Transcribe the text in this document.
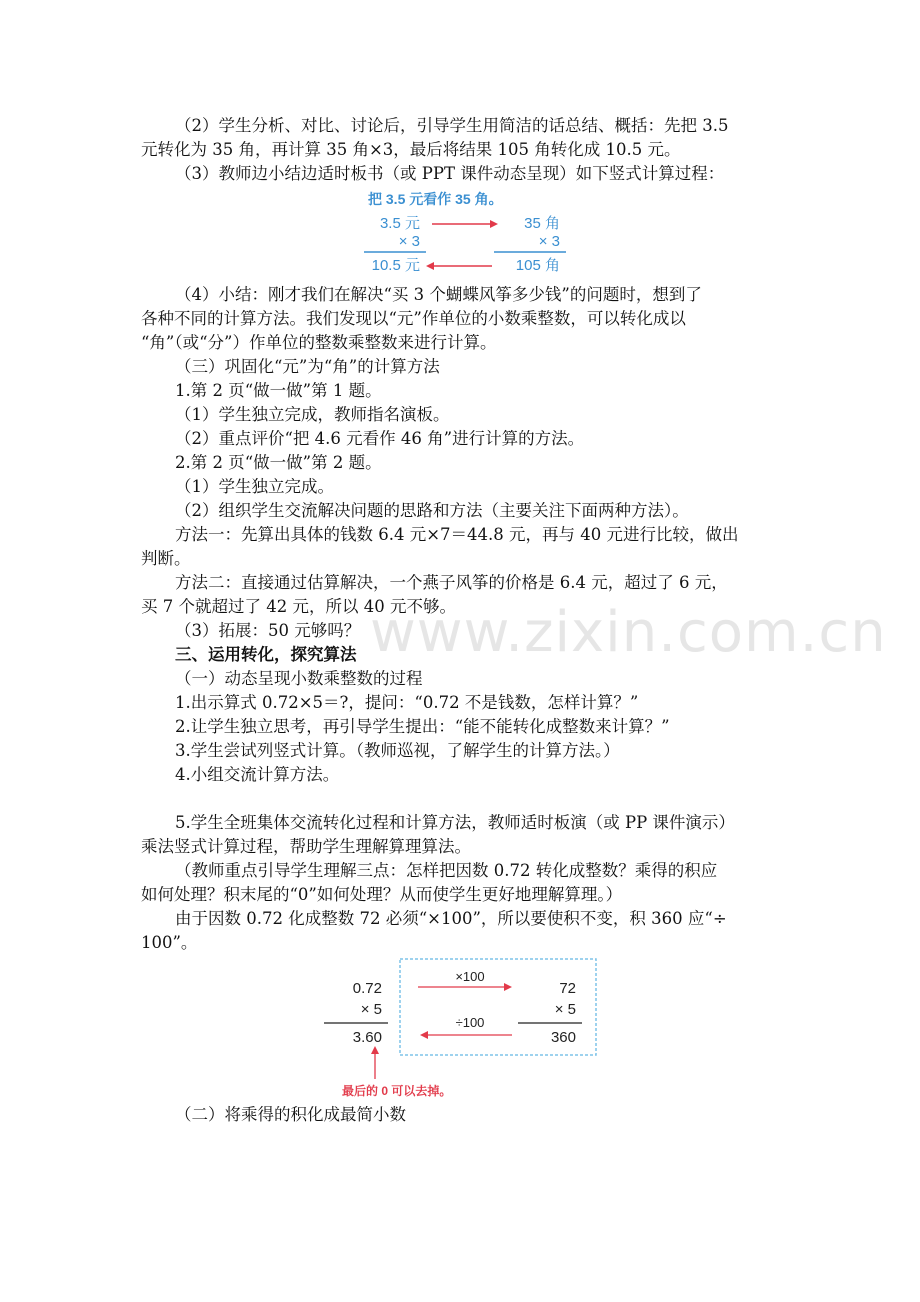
www.zixin.com.cn
（2）学生分析、对比、讨论后，引导学生用简洁的话总结、概括：先把 3.5
元转化为 35 角，再计算 35 角×3，最后将结果 105 角转化成 10.5 元。
（3）教师边小结边适时板书（或 PPT 课件动态呈现）如下竖式计算过程：
把 3.5 元看作 35 角。
3.5 元
× 3
10.5 元
35 角
× 3
105 角
（4）小结：刚才我们在解决“买 3 个蝴蝶风筝多少钱”的问题时，想到了
各种不同的计算方法。我们发现以“元”作单位的小数乘整数，可以转化成以
“角”（或“分”）作单位的整数乘整数来进行计算。
（三）巩固化“元”为“角”的计算方法
1.第 2 页“做一做”第 1 题。
（1）学生独立完成，教师指名演板。
（2）重点评价“把 4.6 元看作 46 角”进行计算的方法。
2.第 2 页“做一做”第 2 题。
（1）学生独立完成。
（2）组织学生交流解决问题的思路和方法（主要关注下面两种方法）。
方法一：先算出具体的钱数 6.4 元×7＝44.8 元，再与 40 元进行比较，做出
判断。
方法二：直接通过估算解决，一个燕子风筝的价格是 6.4 元，超过了 6 元，
买 7 个就超过了 42 元，所以 40 元不够。
（3）拓展：50 元够吗？
三、运用转化，探究算法
（一）动态呈现小数乘整数的过程
1.出示算式 0.72×5＝?，提问：“0.72 不是钱数，怎样计算？”
2.让学生独立思考，再引导学生提出：“能不能转化成整数来计算？”
3.学生尝试列竖式计算。（教师巡视，了解学生的计算方法。）
4.小组交流计算方法。
5.学生全班集体交流转化过程和计算方法，教师适时板演（或 PP 课件演示）
乘法竖式计算过程，帮助学生理解算理算法。
（教师重点引导学生理解三点：怎样把因数 0.72 转化成整数？乘得的积应
如何处理？积末尾的“0”如何处理？从而使学生更好地理解算理。）
由于因数 0.72 化成整数 72 必须“×100”，所以要使积不变，积 360 应“÷
100”。
0.72
× 5
3.60
×100
÷100
72
× 5
360
最后的 0 可以去掉。
（二）将乘得的积化成最简小数
